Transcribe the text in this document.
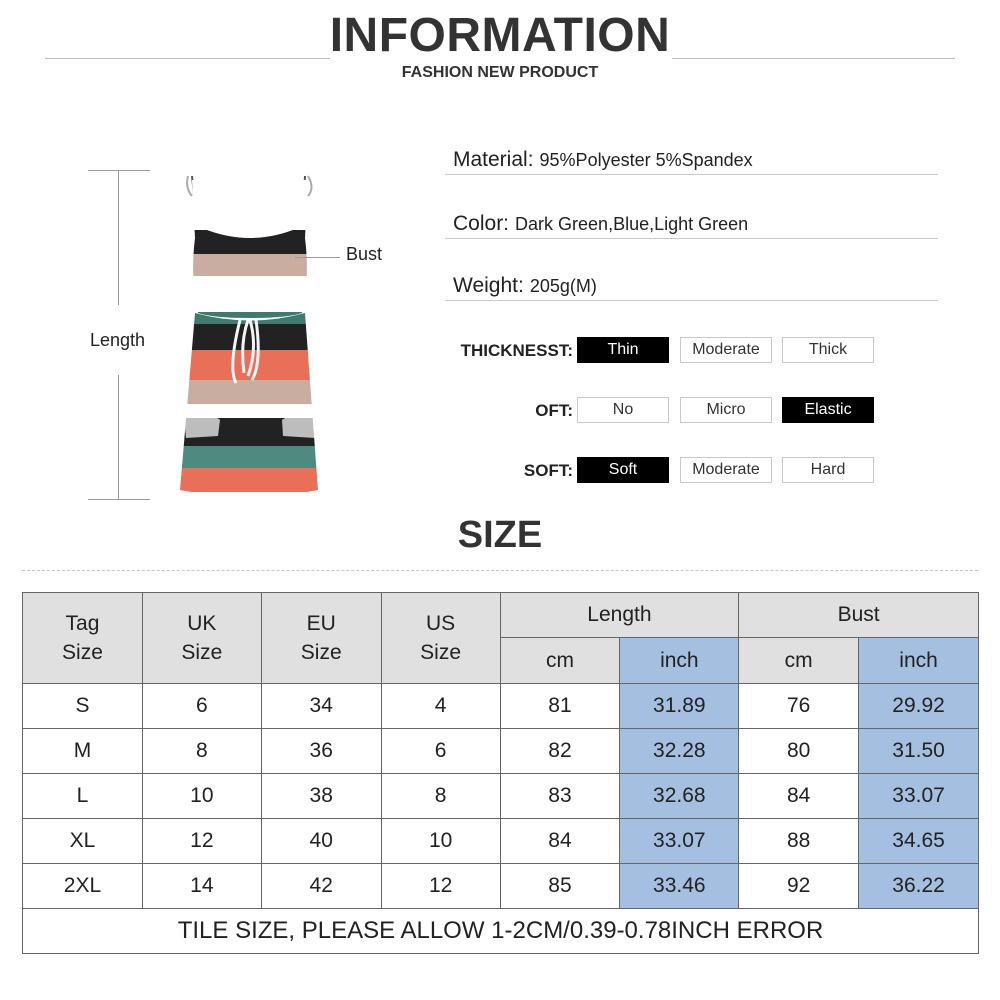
INFORMATION
FASHION NEW PRODUCT
Length
Bust
Material: 95%Polyester 5%Spandex
Color: Dark Green,Blue,Light Green
Weight: 205g(M)
THICKNESST:	Thin	Moderate	Thick
OFT:	No	Micro	Elastic
SOFT:	Soft	Moderate	Hard
SIZE
Tag Size	UK Size	EU Size	US Size	Length		Bust	
				cm	inch	cm	inch
S	6	34	4	81	31.89	76	29.92
M	8	36	6	82	32.28	80	31.50
L	10	38	8	83	32.68	84	33.07
XL	12	40	10	84	33.07	88	34.65
2XL	14	42	12	85	33.46	92	36.22
TILE SIZE, PLEASE ALLOW 1-2CM/0.39-0.78INCH ERROR							
